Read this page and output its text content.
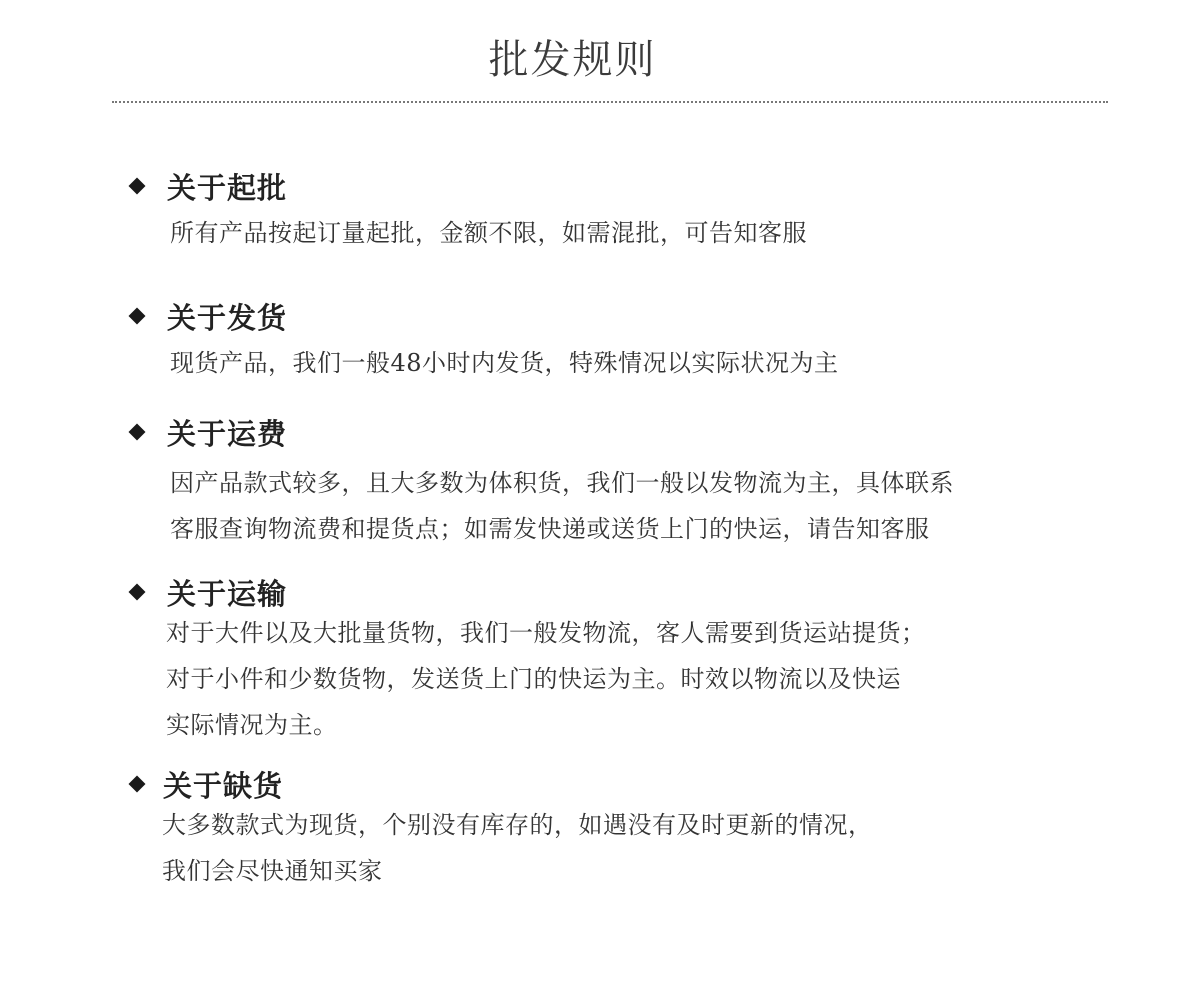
批发规则
关于起批
所有产品按起订量起批，金额不限，如需混批，可告知客服
关于发货
现货产品，我们一般48小时内发货，特殊情况以实际状况为主
关于运费
因产品款式较多，且大多数为体积货，我们一般以发物流为主，具体联系
客服查询物流费和提货点；如需发快递或送货上门的快运，请告知客服
关于运输
对于大件以及大批量货物，我们一般发物流，客人需要到货运站提货；
对于小件和少数货物，发送货上门的快运为主。时效以物流以及快运
实际情况为主。
关于缺货
大多数款式为现货，个别没有库存的，如遇没有及时更新的情况，
我们会尽快通知买家
